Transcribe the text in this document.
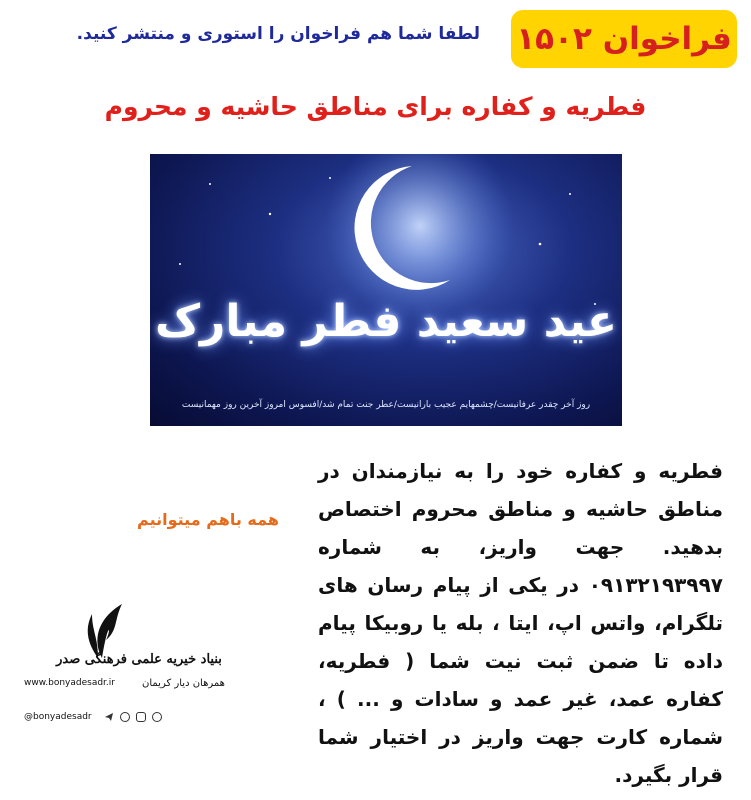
فراخوان ۱۵۰۲
لطفا شما هم فراخوان را استوری و منتشر کنید.
فطریه و کفاره برای مناطق حاشیه و محروم
عید سعید فطر مبارک
روز آخر چقدر عرفانیست/چشمهایم عجیب بارانیست/عطر جنت تمام شد/افسوس امروز آخرین روز مهمانیست
فطریه و کفاره خود را به نیازمندان در مناطق حاشیه و مناطق محروم اختصاص بدهید. جهت واریز، به شماره ۰۹۱۳۲۱۹۳۹۹۷ در یکی از پیام رسان های تلگرام، واتس اپ، ایتا ، بله یا روبیکا پیام داده تا ضمن ثبت نیت شما ( فطریه، کفاره عمد، غیر عمد و سادات و ... ) ، شماره کارت جهت واریز در اختیار شما قرار بگیرد.
همه باهم میتوانیم
بنیاد خیریه علمی فرهنگی صدر
همرهان دیار کریمان
www.bonyadesadr.ir
@bonyadesadr
